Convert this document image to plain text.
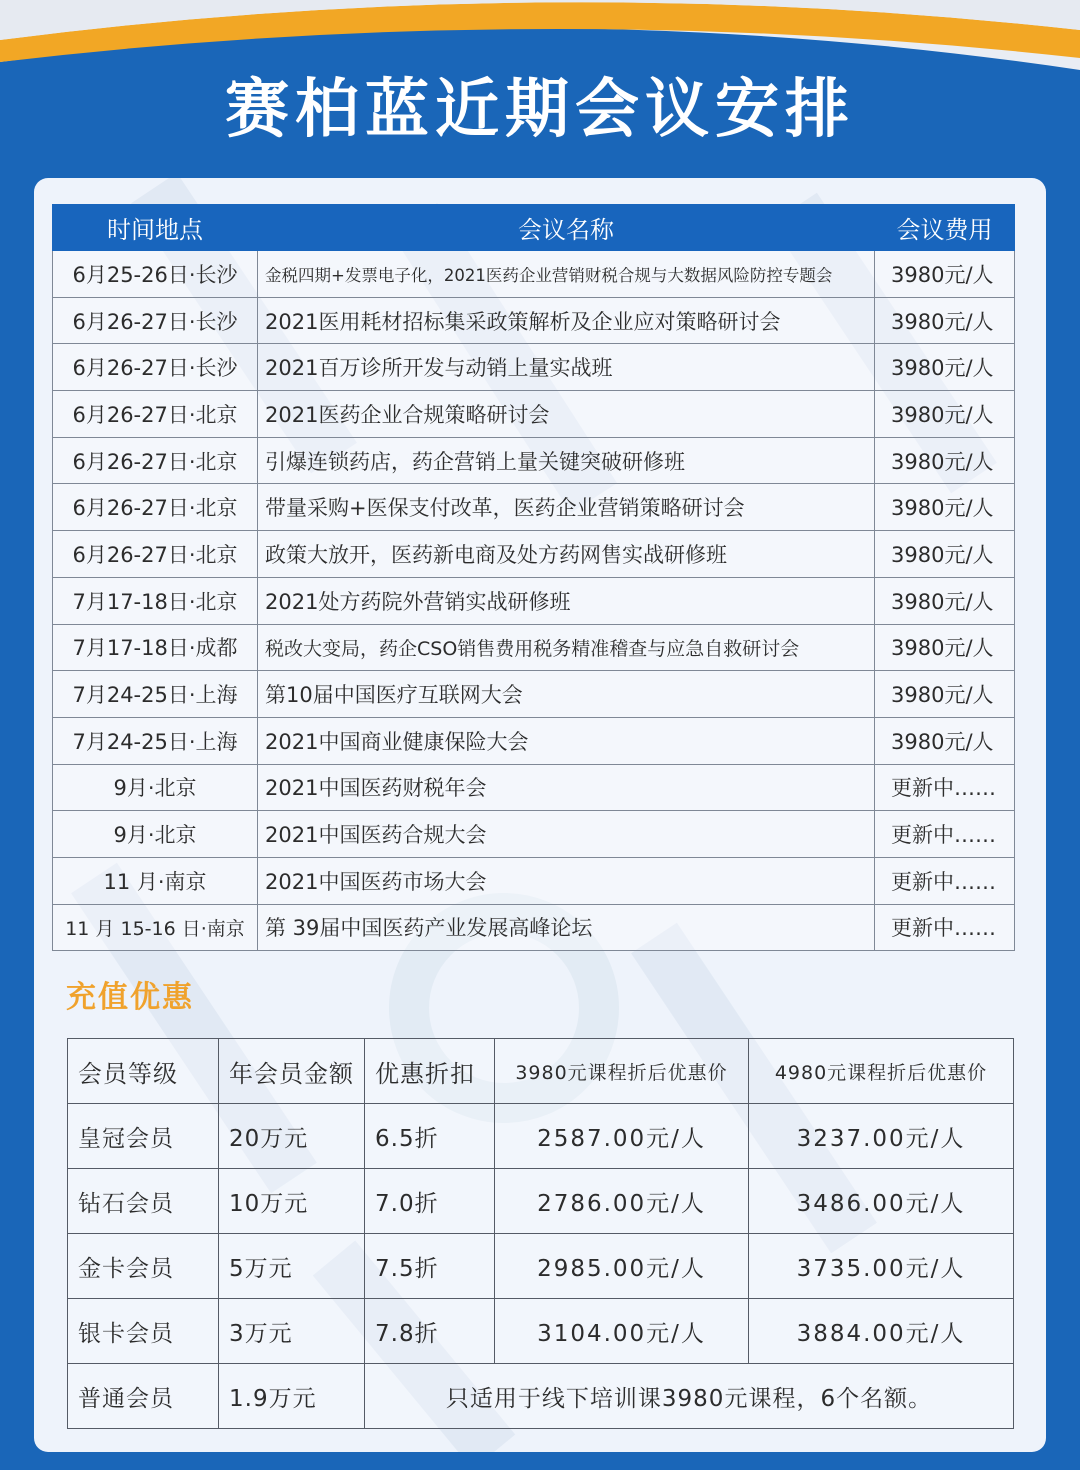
赛柏蓝近期会议安排
时间地点	会议名称	会议费用
6月25-26日·长沙	金税四期+发票电子化，2021医药企业营销财税合规与大数据风险防控专题会	3980元/人
6月26-27日·长沙	2021医用耗材招标集采政策解析及企业应对策略研讨会	3980元/人
6月26-27日·长沙	2021百万诊所开发与动销上量实战班	3980元/人
6月26-27日·北京	2021医药企业合规策略研讨会	3980元/人
6月26-27日·北京	引爆连锁药店，药企营销上量关键突破研修班	3980元/人
6月26-27日·北京	带量采购+医保支付改革，医药企业营销策略研讨会	3980元/人
6月26-27日·北京	政策大放开，医药新电商及处方药网售实战研修班	3980元/人
7月17-18日·北京	2021处方药院外营销实战研修班	3980元/人
7月17-18日·成都	税改大变局，药企CSO销售费用税务精准稽查与应急自救研讨会	3980元/人
7月24-25日·上海	第10届中国医疗互联网大会	3980元/人
7月24-25日·上海	2021中国商业健康保险大会	3980元/人
9月·北京	2021中国医药财税年会	更新中……
9月·北京	2021中国医药合规大会	更新中……
11 月·南京	2021中国医药市场大会	更新中……
11 月 15-16 日·南京	第 39届中国医药产业发展高峰论坛	更新中……
充值优惠
会员等级	年会员金额	优惠折扣	3980元课程折后优惠价	4980元课程折后优惠价
皇冠会员	20万元	6.5折	2587.00元/人	3237.00元/人
钻石会员	10万元	7.0折	2786.00元/人	3486.00元/人
金卡会员	5万元	7.5折	2985.00元/人	3735.00元/人
银卡会员	3万元	7.8折	3104.00元/人	3884.00元/人
普通会员	1.9万元	只适用于线下培训课3980元课程，6个名额。		
